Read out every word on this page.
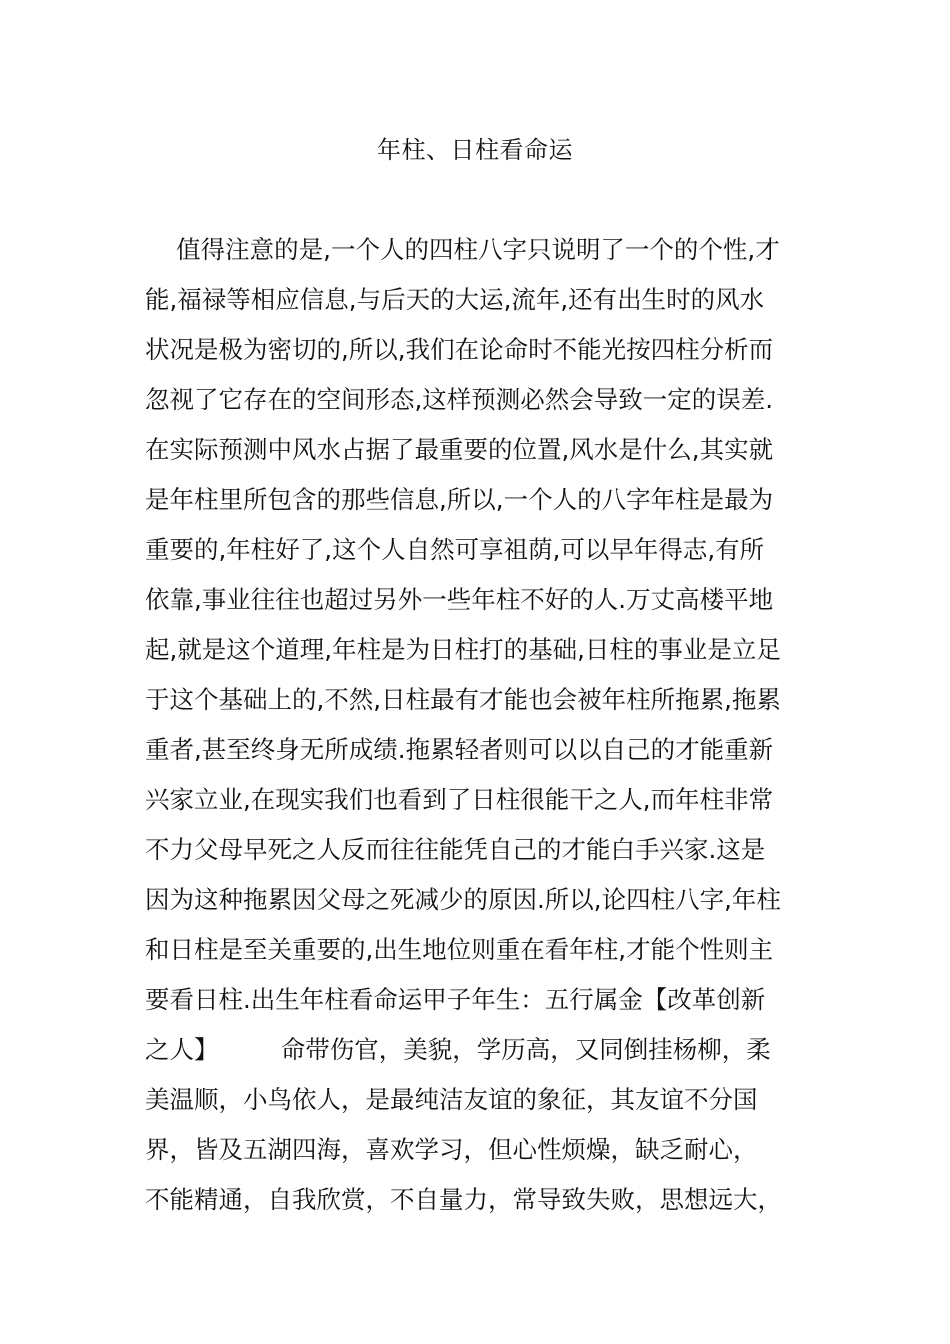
年柱、日柱看命运
值得注意的是,一个人的四柱八字只说明了一个的个性,才
能,福禄等相应信息,与后天的大运,流年,还有出生时的风水
状况是极为密切的,所以,我们在论命时不能光按四柱分析而
忽视了它存在的空间形态,这样预测必然会导致一定的误差.
在实际预测中风水占据了最重要的位置,风水是什么,其实就
是年柱里所包含的那些信息,所以,一个人的八字年柱是最为
重要的,年柱好了,这个人自然可享祖荫,可以早年得志,有所
依靠,事业往往也超过另外一些年柱不好的人.万丈高楼平地
起,就是这个道理,年柱是为日柱打的基础,日柱的事业是立足
于这个基础上的,不然,日柱最有才能也会被年柱所拖累,拖累
重者,甚至终身无所成绩.拖累轻者则可以以自己的才能重新
兴家立业,在现实我们也看到了日柱很能干之人,而年柱非常
不力父母早死之人反而往往能凭自己的才能白手兴家.这是
因为这种拖累因父母之死减少的原因.所以,论四柱八字,年柱
和日柱是至关重要的,出生地位则重在看年柱,才能个性则主
要看日柱.出生年柱看命运甲子年生：五行属金【改革创新
之人】        命带伤官，美貌，学历高，又同倒挂杨柳，柔
美温顺，小鸟依人，是最纯洁友谊的象征，其友谊不分国
界，皆及五湖四海，喜欢学习，但心性烦燥，缺乏耐心，
不能精通，自我欣赏，不自量力，常导致失败，思想远大，
